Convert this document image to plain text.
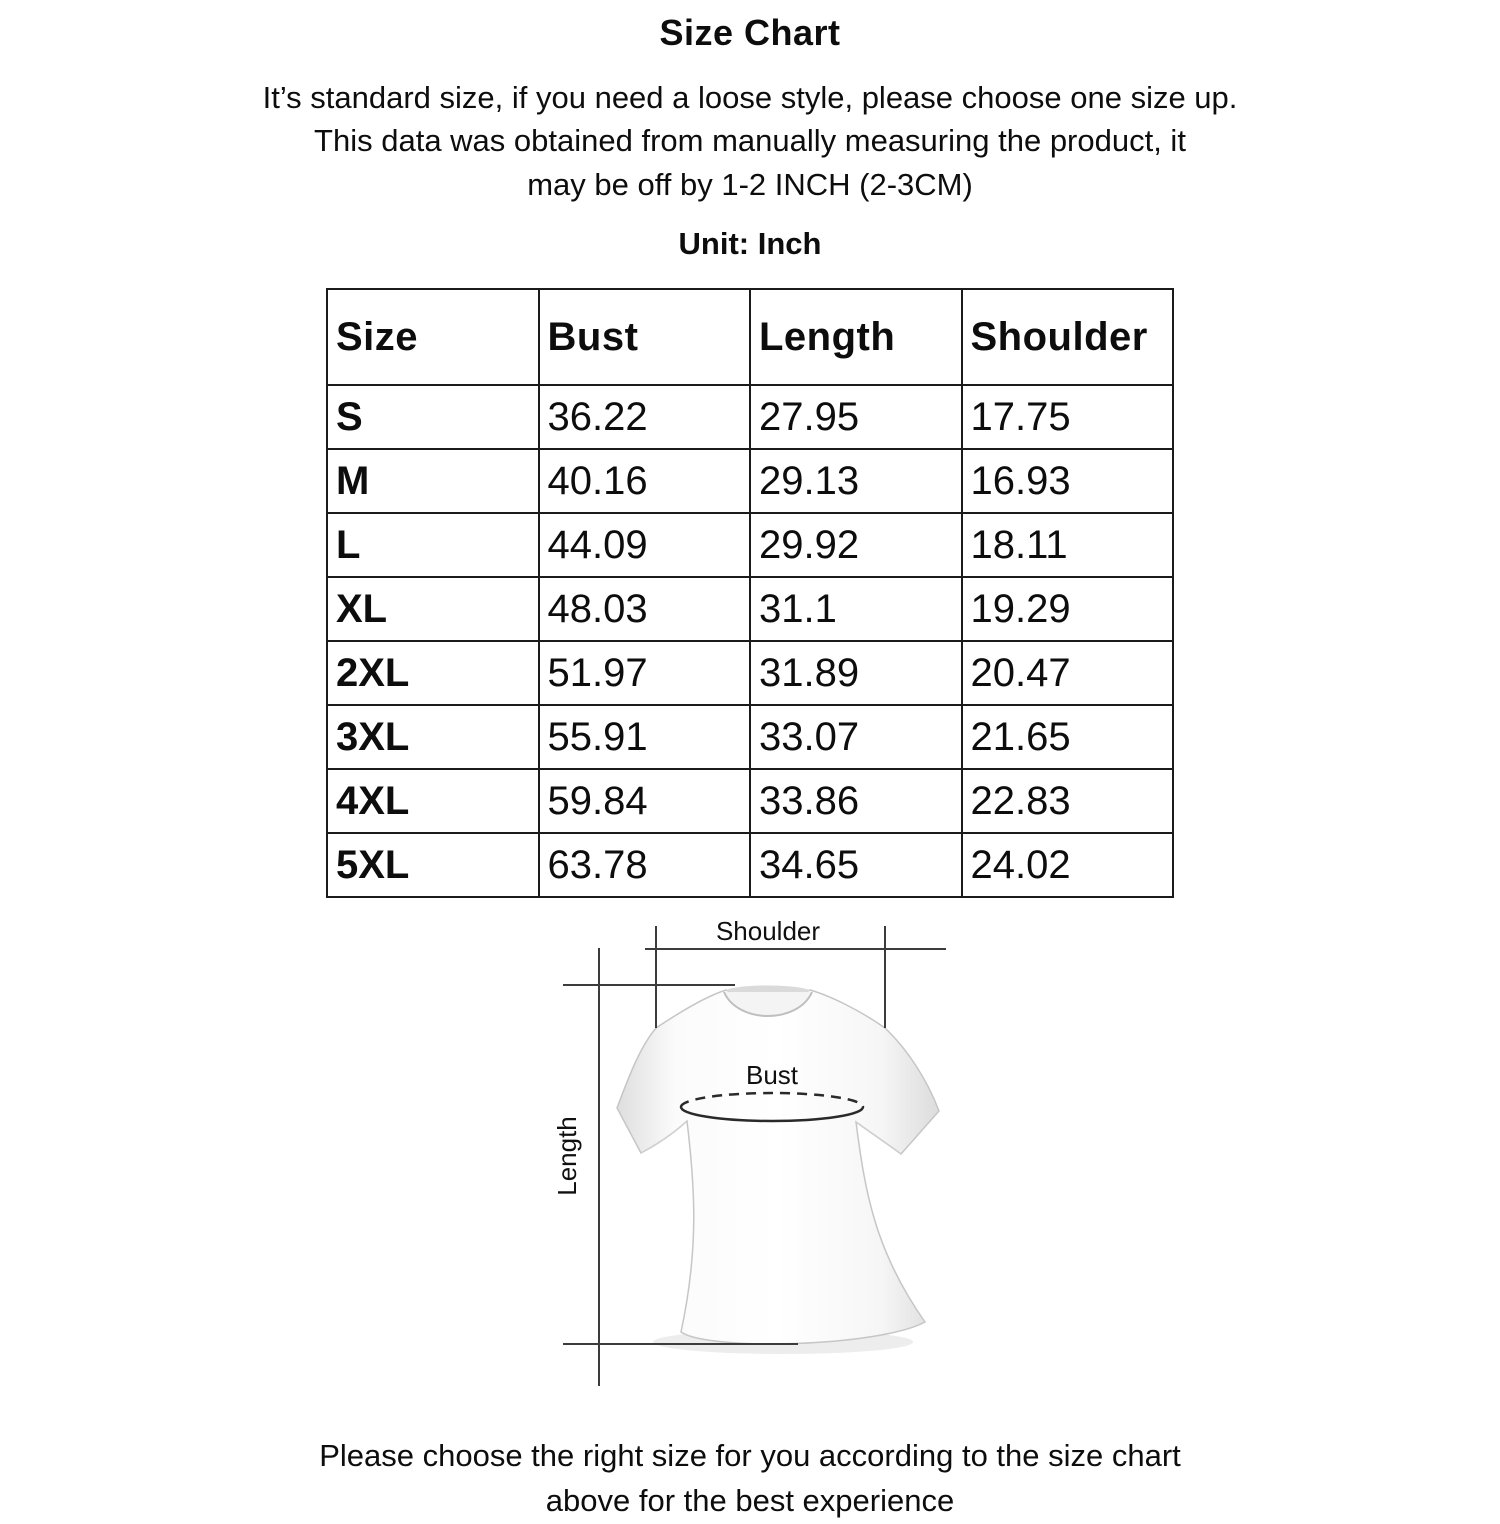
Size Chart

It’s standard size, if you need a loose style, please choose one size up.
This data was obtained from manually measuring the product, it
may be off by 1-2 INCH (2-3CM)

Unit: Inch
Size	Bust	Length	Shoulder
S	36.22	27.95	17.75
M	40.16	29.13	16.93
L	44.09	29.92	18.11
XL	48.03	31.1	19.29
2XL	51.97	31.89	20.47
3XL	55.91	33.07	21.65
4XL	59.84	33.86	22.83
5XL	63.78	34.65	24.02
Shoulder
Length
Bust

Please choose the right size for you according to the size chart
above for the best experience
